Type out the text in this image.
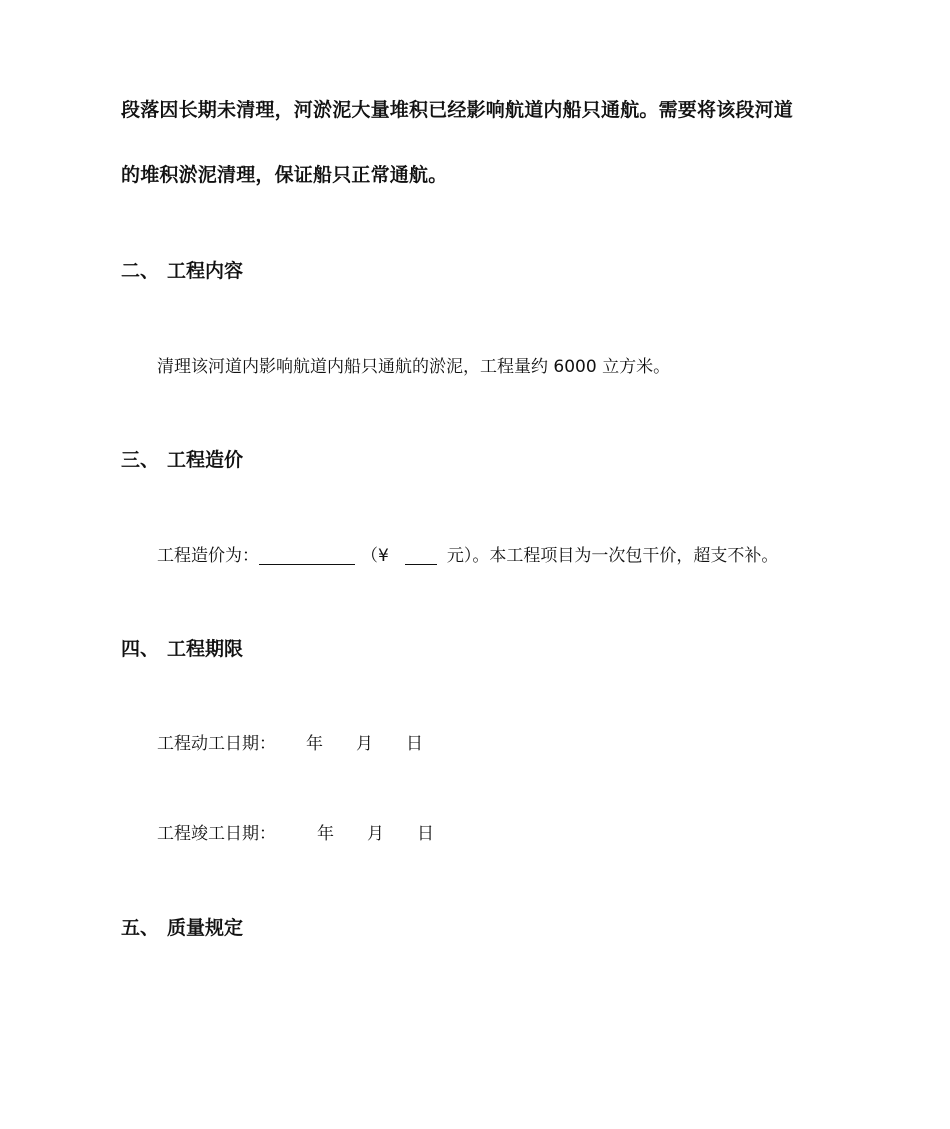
段落因长期未清理，河淤泥大量堆积已经影响航道内船只通航。需要将该段河道
的堆积淤泥清理，保证船只正常通航。
二、 工程内容
清理该河道内影响航道内船只通航的淤泥，工程量约 6000 立方米。
三、 工程造价
工程造价为：	（¥	元）。本工程项目为一次包干价，超支不补。
四、 工程期限
工程动工日期： 年 月 日
工程竣工日期： 年 月 日
五、 质量规定
